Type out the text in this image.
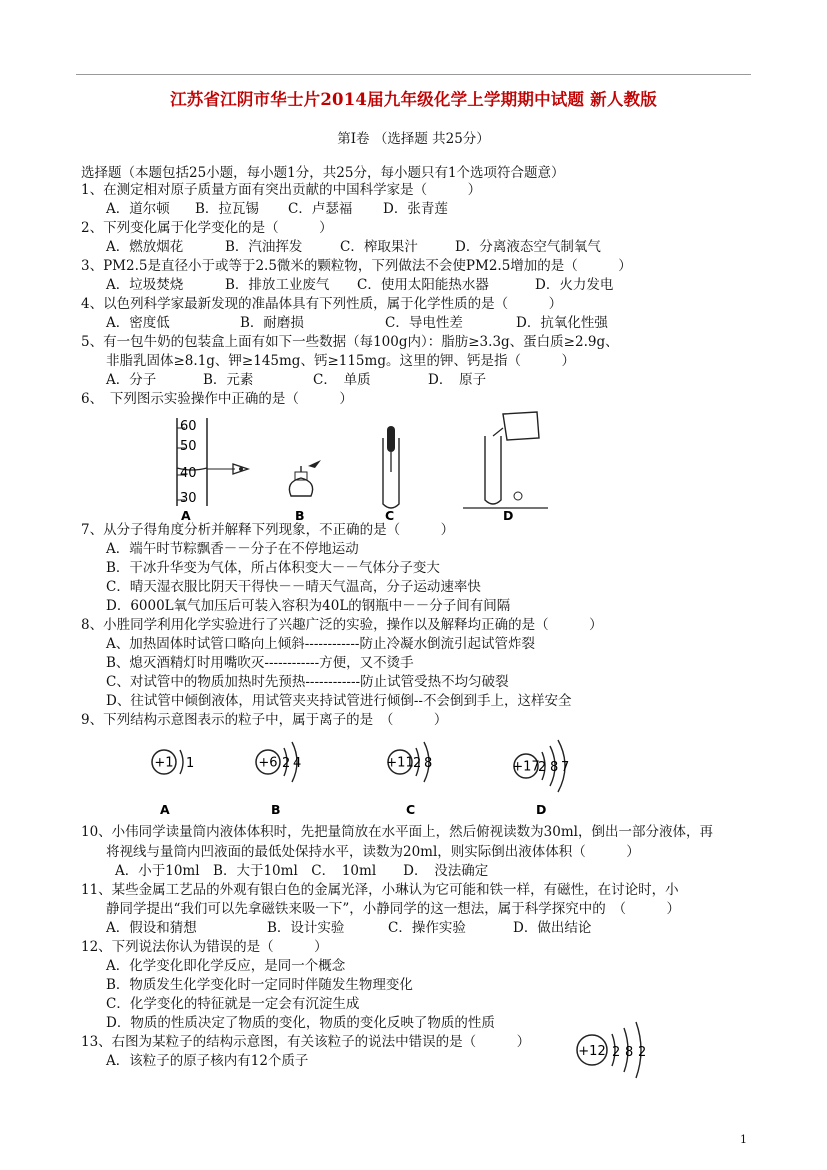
江苏省江阴市华士片2014届九年级化学上学期期中试题 新人教版
第Ⅰ卷 （选择题 共25分）
选择题（本题包括25小题，每小题1分，共25分，每小题只有1个选项符合题意）
1、在测定相对原子质量方面有突出贡献的中国科学家是（　　　）
A．道尔顿 B．拉瓦锡 C．卢瑟福 D．张青莲
2、下列变化属于化学变化的是（　　　）
A．燃放烟花	B．汽油挥发	C．榨取果汁	D．分离液态空气制氧气
3、PM2.5是直径小于或等于2.5微米的颗粒物，下列做法不会使PM2.5增加的是（　　　）
A．垃圾焚烧	B．排放工业废气 C．使用太阳能热水器	D．火力发电
4、以色列科学家最新发现的准晶体具有下列性质，属于化学性质的是（　　　）
A．密度低	B．耐磨损	C．导电性差	D．抗氧化性强
5、有一包牛奶的包装盒上面有如下一些数据（每100g内）：脂肪≥3.3g、蛋白质≥2.9g、
非脂乳固体≥8.1g、钾≥145mg、钙≥115mg。这里的钾、钙是指（　　　）
A．分子	B．元素	C．　单质	D．　原子
6、　下列图示实验操作中正确的是（　　　）
60
50
40
30
A	B	C	D
7、从分子得角度分析并解释下列现象，不正确的是（　　　）
A．端午时节粽飘香－－分子在不停地运动
B．干冰升华变为气体，所占体积变大－－气体分子变大
C．晴天湿衣服比阴天干得快－－晴天气温高，分子运动速率快
D．6000L氧气加压后可装入容积为40L的钢瓶中－－分子间有间隔
8、小胜同学利用化学实验进行了兴趣广泛的实验，操作以及解释均正确的是（　　　）
A、加热固体时试管口略向上倾斜------------防止冷凝水倒流引起试管炸裂
B、熄灭酒精灯时用嘴吹灭------------方便，又不烫手
C、对试管中的物质加热时先预热------------防止试管受热不均匀破裂
D、往试管中倾倒液体，用试管夹夹持试管进行倾倒--不会倒到手上，这样安全
9、下列结构示意图表示的粒子中，属于离子的是　（　　　）
+1 1
A
+6 2 4
B
+11 2 8
C
+17
2 8 7
D
10、小伟同学读量筒内液体体积时，先把量筒放在水平面上，然后俯视读数为30ml，倒出一部分液体，再
将视线与量筒内凹液面的最低处保持水平，读数为20ml，则实际倒出液体体积（　　　）
A．小于10ml　B．大于10ml　C．　10ml　　D．　没法确定
11、某些金属工艺品的外观有银白色的金属光泽，小琳认为它可能和铁一样，有磁性，在讨论时，小
静同学提出“我们可以先拿磁铁来吸一下”，小静同学的这一想法，属于科学探究中的　（　　　）
A．假设和猜想	B．设计实验	C．操作实验	D．做出结论
12、下列说法你认为错误的是（　　　）
A．化学变化即化学反应，是同一个概念
B．物质发生化学变化时一定同时伴随发生物理变化
C．化学变化的特征就是一定会有沉淀生成
D．物质的性质决定了物质的变化，物质的变化反映了物质的性质
13、右图为某粒子的结构示意图，有关该粒子的说法中错误的是（　　　）
A．该粒子的原子核内有12个质子
+12 2 8 2
1
